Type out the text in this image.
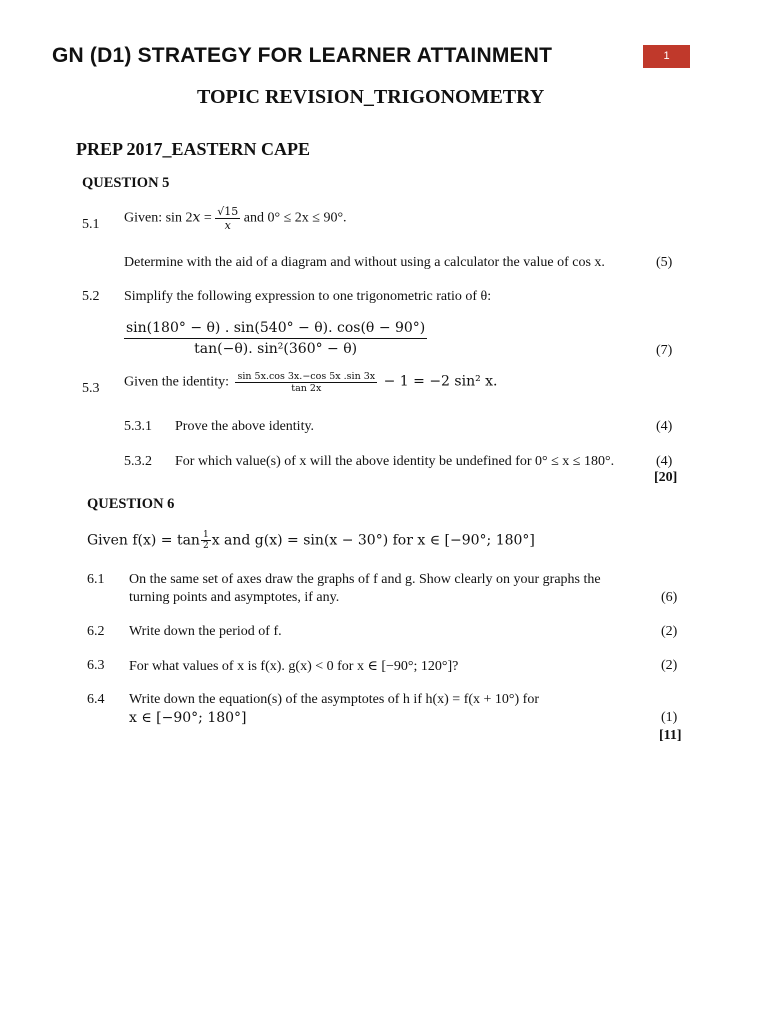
GN (D1) STRATEGY FOR LEARNER ATTAINMENT	1
TOPIC REVISION_TRIGONOMETRY
PREP 2017_EASTERN CAPE
QUESTION 5
5.1 Given: $\sin 2x = \frac{√15}{x}$ and 0° ≤ 2x ≤ 90°.
Determine with the aid of a diagram and without using a calculator the value of cos x.	(5)
5.2 Simplify the following expression to one trigonometric ratio of θ:
$\frac{\sin(180^\circ - \theta) . \sin(540^\circ - \theta). \cos(\theta - 90^\circ)}{\text{tan(−θ). sin²(360° − θ)}}$	(7)
5.3 Given the identity: $\frac{\sin 5x.\cos 3x.-\cos 5x .\sin 3x}{\tan 2x} - 1 = -2$ sin² x.
5.3.1 Prove the above identity.	(4)
5.3.2 For which value(s) of x will the above identity be undefined for 0° ≤ x ≤ 180°.	(4)
[20]
QUESTION 6
Given $f(x) = \tan \frac{1}{2}$ x and g(x) = sin(x − 30°) for x ∈ [−90°; 180°]
6.1 On the same set of axes draw the graphs of f and g. Show clearly on your graphs the
turning points and asymptotes, if any.	(6)
6.2 Write down the period of f.	(2)
6.3 For what values of x is f(x). g(x) < 0 for x ∈ [−90°; 120°]?	(2)
6.4 Write down the equation(s) of the asymptotes of h if h(x) = f(x + 10°) for
x ∈ [−90°; 180°]	(1)
[11]
